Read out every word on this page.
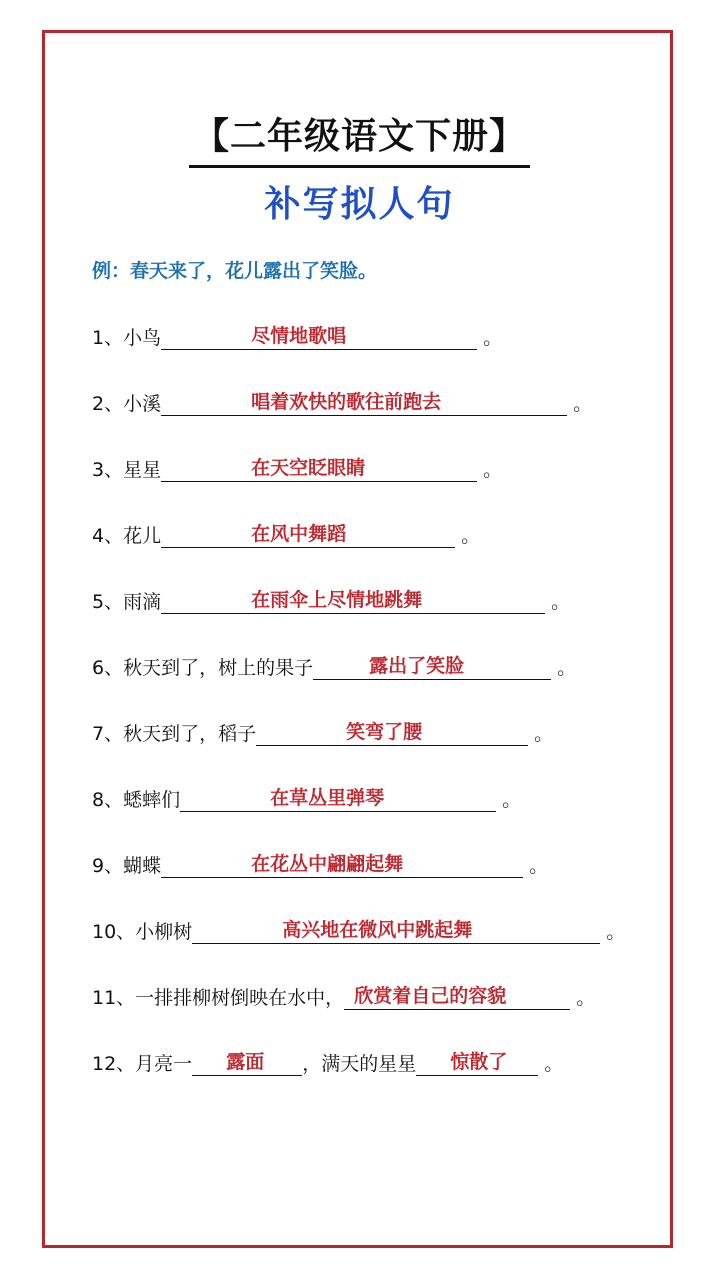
【二年级语文下册】
补写拟人句
例：春天来了，花儿露出了笑脸。
1、小鸟	尽情地歌唱	。
2、小溪	唱着欢快的歌往前跑去	。
3、星星	在天空眨眼睛	。
4、花儿	在风中舞蹈	。
5、雨滴	在雨伞上尽情地跳舞	。
6、秋天到了，树上的果子	露出了笑脸	。
7、秋天到了，稻子	笑弯了腰	。
8、蟋蟀们	在草丛里弹琴	。
9、蝴蝶	在花丛中翩翩起舞	。
10、小柳树	高兴地在微风中跳起舞	。
11、一排排柳树倒映在水中， 欣赏着自己的容貌	。
12、月亮一 露面 ，满天的星星 惊散了 。
